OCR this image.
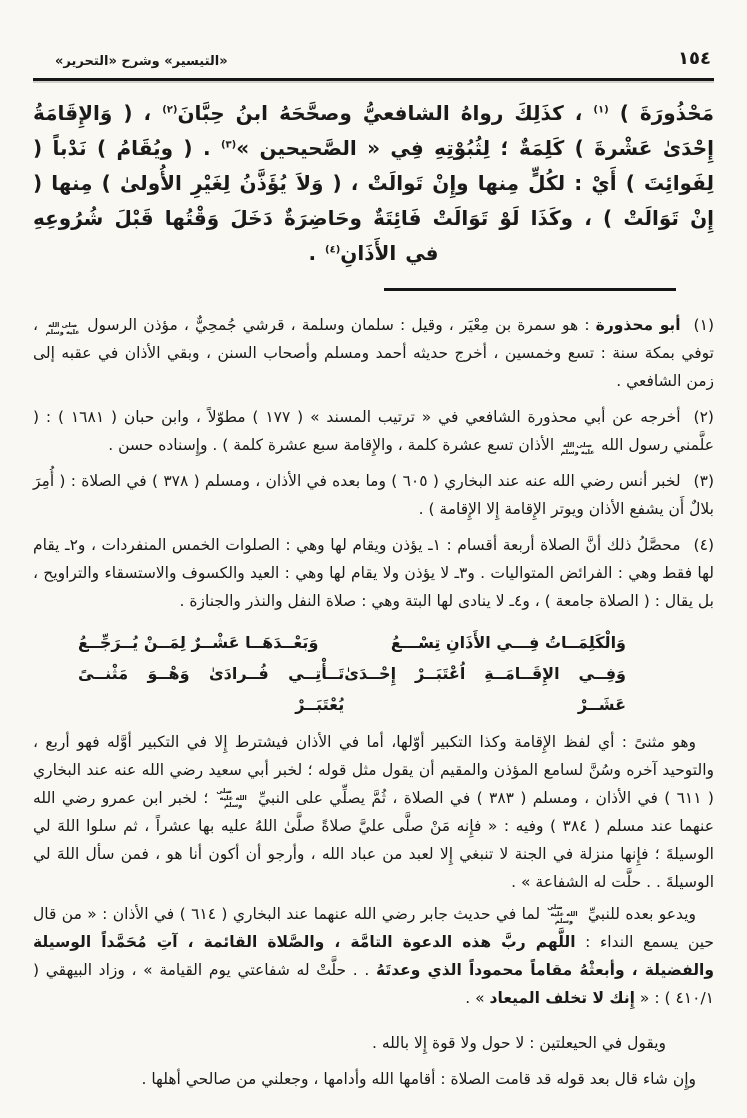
١٥٤
«التيسير» وشرح «التحرير»

مَحْذُورَةَ ) $^{(١)}$ ، كذَلِكَ رواهُ الشافعيُّ وصحَّحَهُ ابنُ حِبَّانَ$^{(٢)}$ ، ( وَالإِقَامَةُ إِحْدَىٰ عَشْرةَ ) كَلِمَةٌ ؛ لِثُبُوْتِهِ فِي « الصَّحيحين »$^{(٣)}$ . ( ويُقَامُ ) نَدْباً ( لِفَوائِتَ ) أَيْ : لكُلٍّ مِنها وإِنْ تَوالَتْ ، ( وَلاَ يُؤَذَّنُ لِغَيْرِ الأُولىٰ ) مِنها ( إِنْ تَوَالَتْ ) ، وكَذَا لَوْ تَوَالَتْ فَائِتَةٌ وحَاضِرَةٌ دَخَلَ وَقْتُها قَبْلَ شُرُوعِهِ في الأَذَانِ$^{(٤)}$ .

(١)أبو محذورة : هو سمرة بن مِعْيَر ، وقيل : سلمان وسلمة ، قرشي جُمحِيٌّ ، مؤذن الرسول صلى الله عليه وسلم ، توفي بمكة سنة : تسع وخمسين ، أخرج حديثه أحمد ومسلم وأصحاب السنن ، وبقي الأذان في عقبه إلى زمن الشافعي .
(٢)أخرجه عن أبي محذورة الشافعي في « ترتيب المسند » ( ١٧٧ ) مطوّلاً ، وابن حبان ( ١٦٨١ ) : ( علَّمني رسول الله صلى الله عليه وسلم الأذان تسع عشرة كلمة ، والإِقامة سبع عشرة كلمة ) . وإِسناده حسن .
(٣)لخبر أنس رضي الله عنه عند البخاري ( ٦٠٥ ) وما بعده في الأذان ، ومسلم ( ٣٧٨ ) في الصلاة : ( أُمِرَ بلالٌ أَن يشفع الأذان ويوتر الإِقامة إِلا الإِقامة ) .
(٤)محصَّلُ ذلك أنَّ الصلاة أربعة أقسام : ١ـ يؤذن ويقام لها وهي : الصلوات الخمس المنفردات ، و٢ـ يقام لها فقط وهي : الفرائض المتواليات . و٣ـ لا يؤذن ولا يقام لها وهي : العيد والكسوف والاستسقاء والتراويح ، بل يقال : ( الصلاة جامعة ) ، و٤ـ لا ينادى لها البتة وهي : صلاة النفل والنذر والجنازة .
وَالْكَلِمَــاتُ فِـــي الأَذَانِ تِسْـــعُ
وَبَعْــدَهَــا عَشْــرٌ لِمَــنْ يُــرَجِّــعُ
وَفِــي الإِقَــامَــةِ اُعْتَبَــرْ إِحْــدَىٰ عَشَــرْ
تَــأْتِــي فُــرادَىٰ وَهْــوَ مَثْنــىً يُعْتَبَــرْ

وهو مثنىً : أي لفظ الإِقامة وكذا التكبير أوّلها، أما في الأذان فيشترط إِلا في التكبير أوَّله فهو أربع ، والتوحيد آخره وسُنَّ لسامع المؤذن والمقيم أن يقول مثل قوله ؛ لخبر أبي سعيد رضي الله عنه عند البخاري ( ٦١١ ) في الأذان ، ومسلم ( ٣٨٣ ) في الصلاة ، ثُمَّ يصلِّي على النبيِّ صلى الله عليه وسلم ؛ لخبر ابن عمرو رضي الله عنهما عند مسلم ( ٣٨٤ ) وفيه : « فإِنه مَنْ صلَّى عليَّ صلاةً صلَّىٰ اللهُ عليه بها عشراً ، ثم سلوا اللهَ لي الوسيلةَ ؛ فإِنها منزلة في الجنة لا تنبغي إِلا لعبد من عباد الله ، وأرجو أن أكون أنا هو ، فمن سأل اللهَ لي الوسيلةَ . . حلَّت له الشفاعة » .

ويدعو بعده للنبيِّ صلى الله عليه وسلم لما في حديث جابر رضي الله عنهما عند البخاري ( ٦١٤ ) في الأذان : « من قال حين يسمع النداء : اللَّهم ربَّ هذه الدعوة التامَّة ، والصَّلاة القائمة ، آتِ مُحَمَّداً الوسيلة والفضيلة ، وأبعثْهُ مقاماً محموداً الذي وعدتَهُ . . حلَّتْ له شفاعتي يوم القيامة » ، وزاد البيهقي ( ٤١٠/١ ) : « إِنك لا تخلف الميعاد » .

ويقول في الحيعلتين : لا حول ولا قوة إِلا بالله .

وإِن شاء قال بعد قوله قد قامت الصلاة : أقامها الله وأدامها ، وجعلني من صالحي أهلها .
